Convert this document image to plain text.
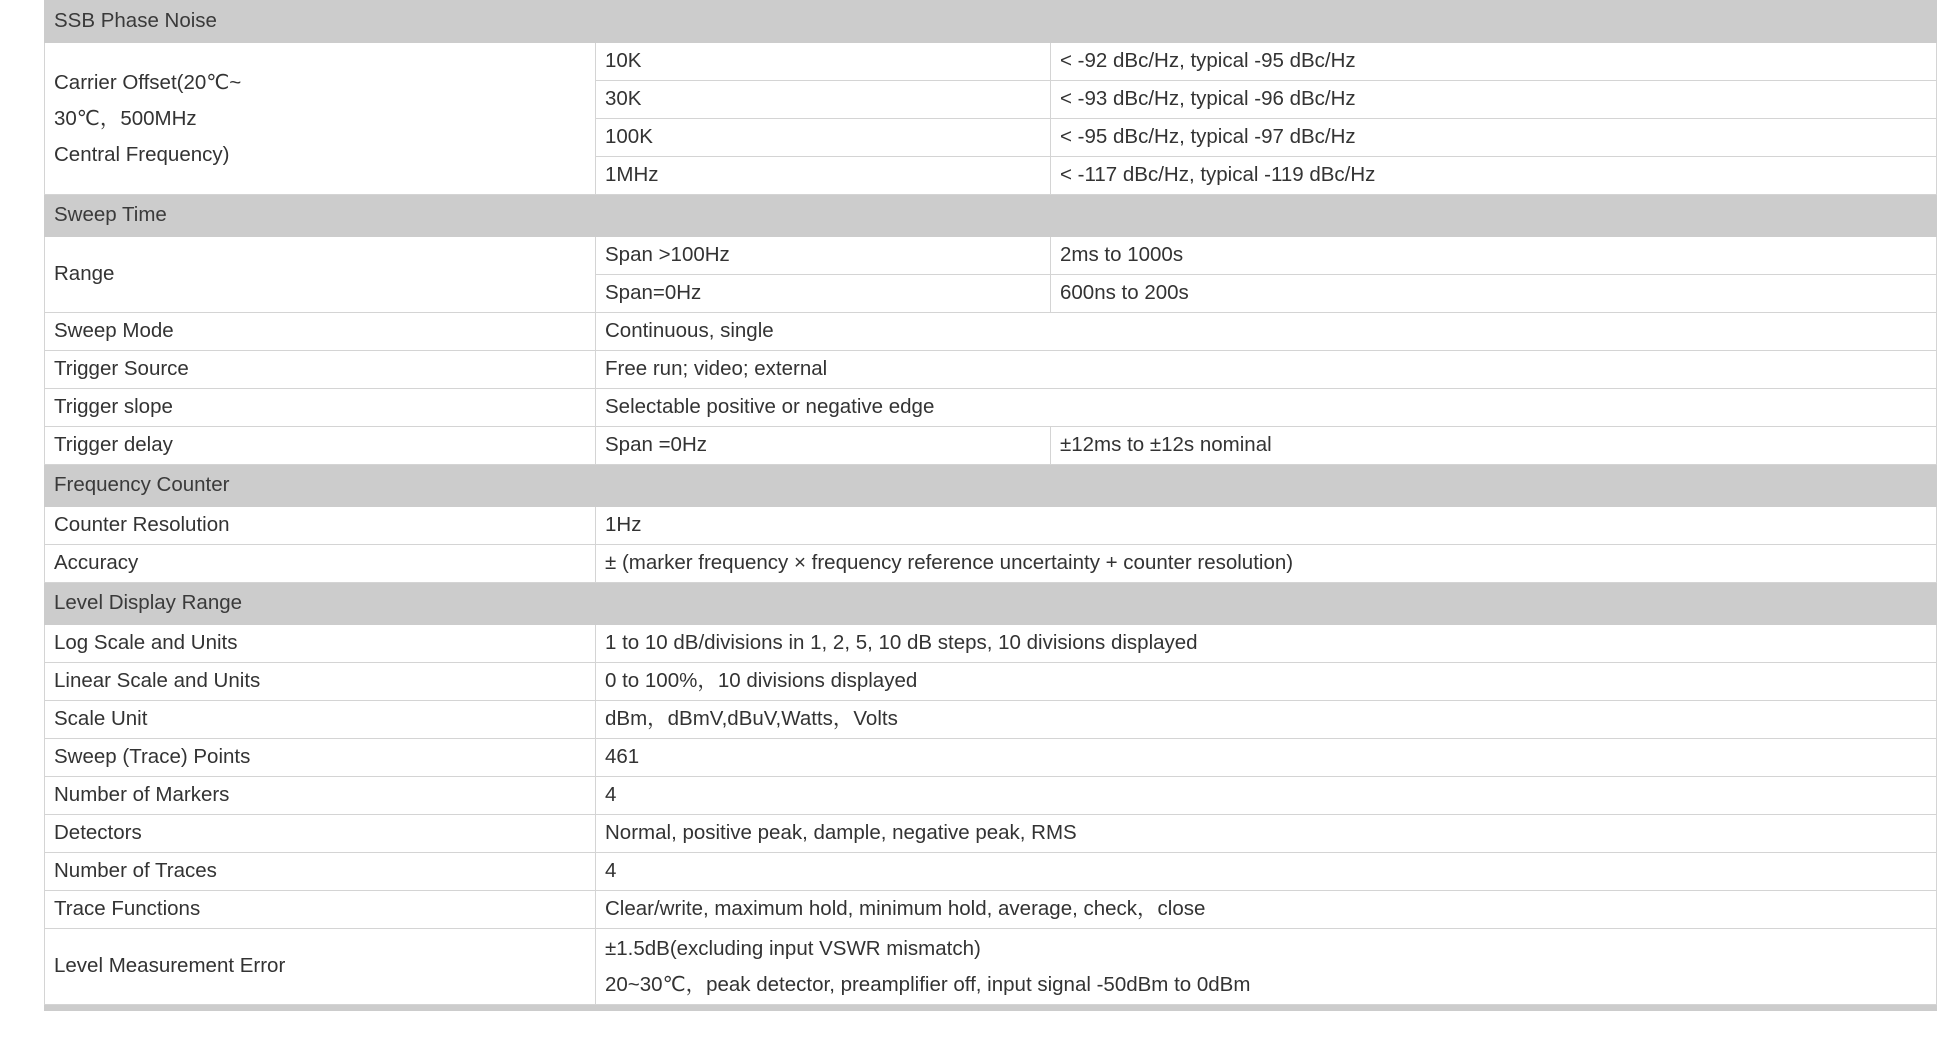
SSB Phase Noise		

Carrier Offset(20℃~
30℃，500MHz
Central Frequency)	10K	< -92 dBc/Hz, typical -95 dBc/Hz
	30K	< -93 dBc/Hz, typical -96 dBc/Hz
	100K	< -95 dBc/Hz, typical -97 dBc/Hz
	1MHz	< -117 dBc/Hz, typical -119 dBc/Hz
Sweep Time		
Range	Span >100Hz	2ms to 1000s
	Span=0Hz	600ns to 200s
Sweep Mode	Continuous, single	
Trigger Source	Free run; video; external	
Trigger slope	Selectable positive or negative edge	
Trigger delay	Span =0Hz	±12ms to ±12s nominal
Frequency Counter		
Counter Resolution	1Hz	
Accuracy	± (marker frequency × frequency reference uncertainty + counter resolution)	
Level Display Range		
Log Scale and Units	1 to 10 dB/divisions in 1, 2, 5, 10 dB steps, 10 divisions displayed	
Linear Scale and Units	0 to 100%，10 divisions displayed	
Scale Unit	dBm，dBmV,dBuV,Watts，Volts	
Sweep (Trace) Points	461	
Number of Markers	4	
Detectors	Normal, positive peak, dample, negative peak, RMS	
Number of Traces	4	
Trace Functions	Clear/write, maximum hold, minimum hold, average, check，close	
Level Measurement Error	±1.5dB(excluding input VSWR mismatch)
20~30℃，peak detector, preamplifier off, input signal -50dBm to 0dBm	
